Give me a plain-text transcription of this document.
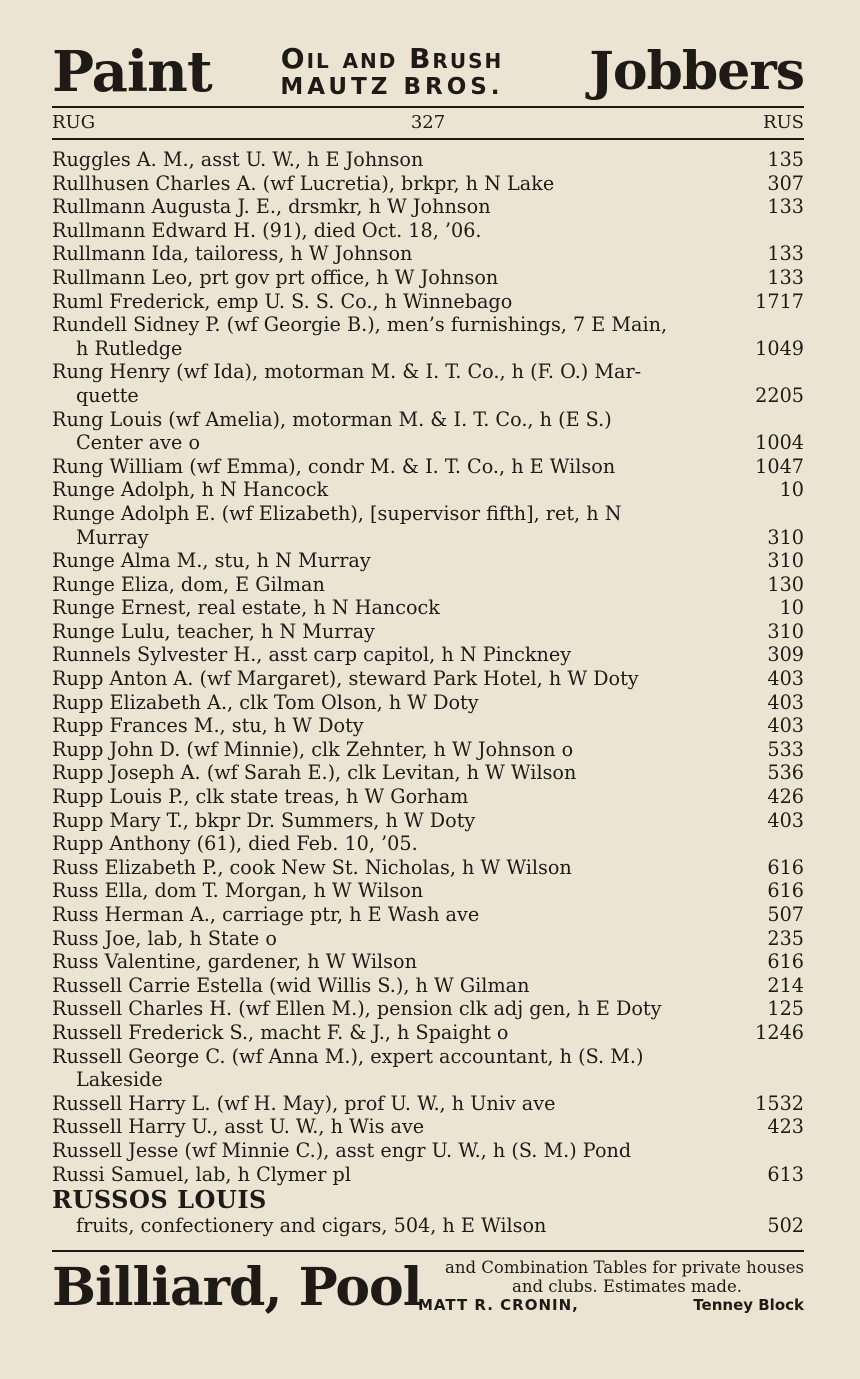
Paint	Oil and Brush
MAUTZ BROS.	Jobbers
RUG	327	RUS
Ruggles A. M., asst U. W., h E Johnson	135
Rullhusen Charles A. (wf Lucretia), brkpr, h N Lake	307
Rullmann Augusta J. E., drsmkr, h W Johnson	133
Rullmann Edward H. (91), died Oct. 18, ’06.
Rullmann Ida, tailoress, h W Johnson	133
Rullmann Leo, prt gov prt office, h W Johnson	133
Ruml Frederick, emp U. S. S. Co., h Winnebago	1717
Rundell Sidney P. (wf Georgie B.), men’s furnishings, 7 E Main,
h Rutledge	1049
Rung Henry (wf Ida), motorman M. & I. T. Co., h (F. O.) Mar-
quette	2205
Rung Louis (wf Amelia), motorman M. & I. T. Co., h (E S.)
Center ave o	1004
Rung William (wf Emma), condr M. & I. T. Co., h E Wilson	1047
Runge Adolph, h N Hancock	10
Runge Adolph E. (wf Elizabeth), [supervisor fifth], ret, h N
Murray	310
Runge Alma M., stu, h N Murray	310
Runge Eliza, dom, E Gilman	130
Runge Ernest, real estate, h N Hancock	10
Runge Lulu, teacher, h N Murray	310
Runnels Sylvester H., asst carp capitol, h N Pinckney	309
Rupp Anton A. (wf Margaret), steward Park Hotel, h W Doty	403
Rupp Elizabeth A., clk Tom Olson, h W Doty	403
Rupp Frances M., stu, h W Doty	403
Rupp John D. (wf Minnie), clk Zehnter, h W Johnson o	533
Rupp Joseph A. (wf Sarah E.), clk Levitan, h W Wilson	536
Rupp Louis P., clk state treas, h W Gorham	426
Rupp Mary T., bkpr Dr. Summers, h W Doty	403
Rupp Anthony (61), died Feb. 10, ’05.
Russ Elizabeth P., cook New St. Nicholas, h W Wilson	616
Russ Ella, dom T. Morgan, h W Wilson	616
Russ Herman A., carriage ptr, h E Wash ave	507
Russ Joe, lab, h State o	235
Russ Valentine, gardener, h W Wilson	616
Russell Carrie Estella (wid Willis S.), h W Gilman	214
Russell Charles H. (wf Ellen M.), pension clk adj gen, h E Doty	125
Russell Frederick S., macht F. & J., h Spaight o	1246
Russell George C. (wf Anna M.), expert accountant, h (S. M.)
Lakeside
Russell Harry L. (wf H. May), prof U. W., h Univ ave	1532
Russell Harry U., asst U. W., h Wis ave	423
Russell Jesse (wf Minnie C.), asst engr U. W., h (S. M.) Pond
Russi Samuel, lab, h Clymer pl	613
RUSSOS LOUIS
fruits, confectionery and cigars, 504, h E Wilson	502
Billiard, Pool	and Combination Tables for private houses
and clubs. Estimates made.
MATT R. CRONIN,	Tenney Block
